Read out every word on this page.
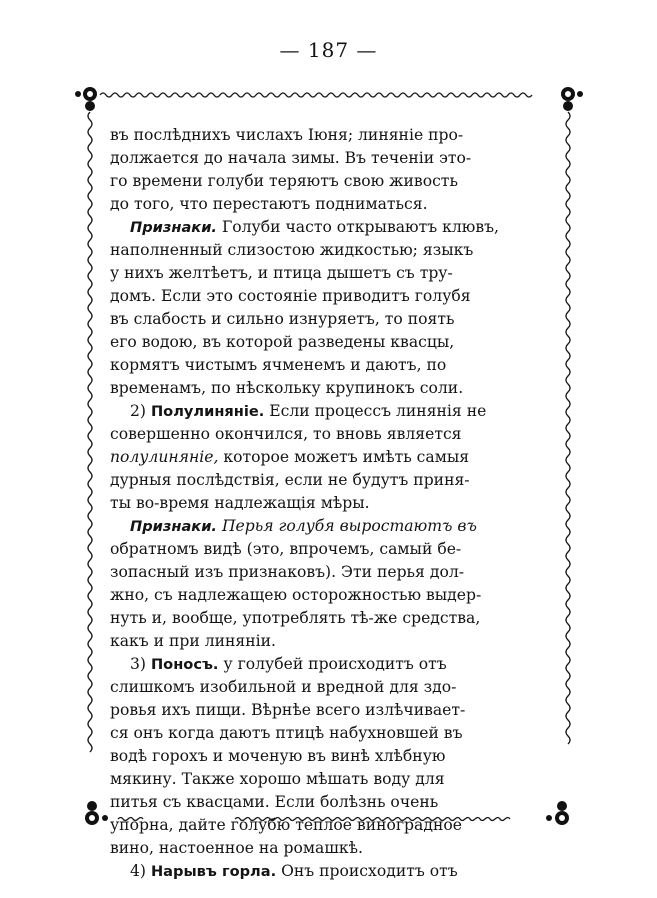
— 187 —
въ послѣднихъ числахъ Іюня; линяніе про-
должается до начала зимы. Въ теченіи это-
го времени голуби теряютъ свою живость
до того, что перестаютъ подниматься.
Признаки. Голуби часто открываютъ клювъ,
наполненный слизостою жидкостью; языкъ
у нихъ желтѣетъ, и птица дышетъ съ тру-
домъ. Если это состояніе приводитъ голубя
въ слабость и сильно изнуряетъ, то поять
его водою, въ которой разведены квасцы,
кормятъ чистымъ ячменемъ и даютъ, по
временамъ, по нѣскольку крупинокъ соли.
2) Полулинянiе. Если процессъ линянія не
совершенно окончился, то вновь является
полулиняніе, которое можетъ имѣть самыя
дурныя послѣдствія, если не будутъ приня-
ты во-время надлежащія мѣры.
Признаки. Перья голубя выростаютъ въ
обратномъ видѣ (это, впрочемъ, самый бе-
зопасный изъ признаковъ). Эти перья дол-
жно, съ надлежащею осторожностью выдер-
нуть и, вообще, употреблять тѣ-же средства,
какъ и при линяніи.
3) Поносъ. у голубей происходитъ отъ
слишкомъ изобильной и вредной для здо-
ровья ихъ пищи. Вѣрнѣе всего излѣчивает-
ся онъ когда даютъ птицѣ набухнoвшей въ
водѣ горохъ и моченую въ винѣ хлѣбную
мякину. Также хорошо мѣшать воду для
питья съ квасцами. Если болѣзнь очень
упорна, дайте голубю теплое виноградное
вино, настоенное на ромашкѣ.
4) Нарывъ горла. Онъ происходитъ отъ
